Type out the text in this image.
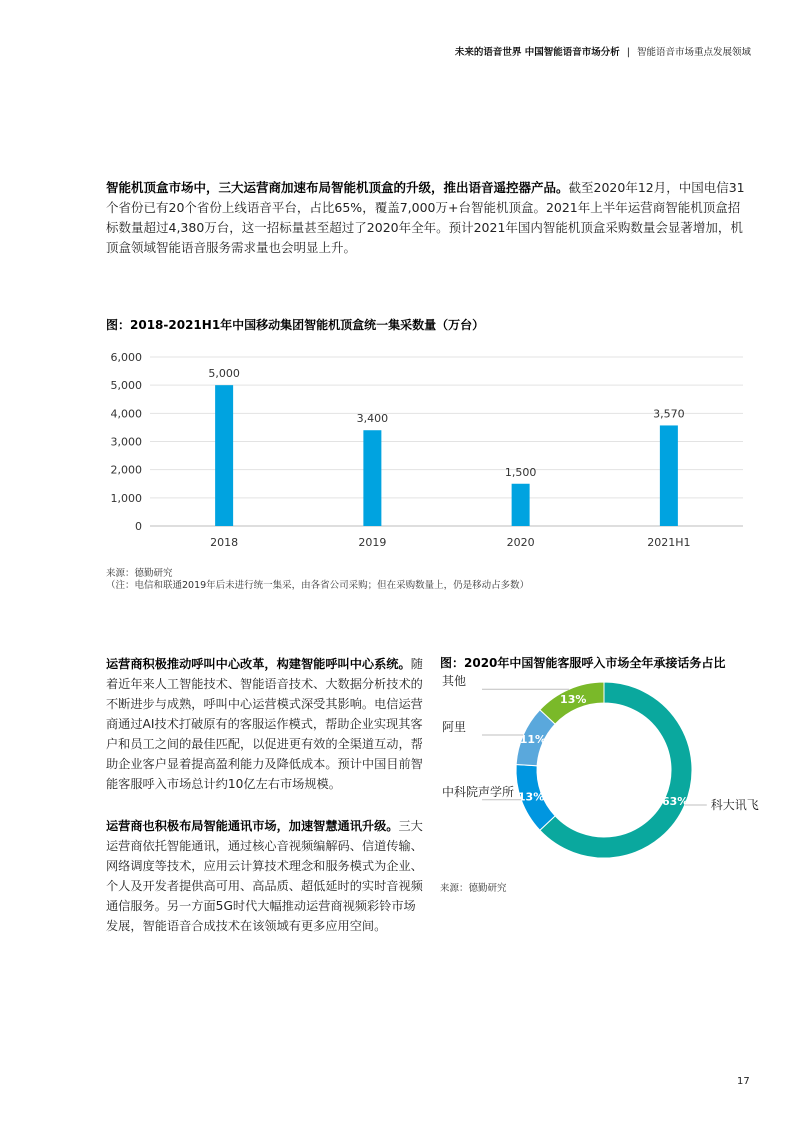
未来的语音世界 中国智能语音市场分析 | 智能语音市场重点发展领域
智能机顶盒市场中，三大运营商加速布局智能机顶盒的升级，推出语音遥控器产品。截至2020年12月，中国电信31个省份已有20个省份上线语音平台，占比65%，覆盖7,000万+台智能机顶盒。2021年上半年运营商智能机顶盒招标数量超过4,380万台，这一招标量甚至超过了2020年全年。预计2021年国内智能机顶盒采购数量会显著增加，机顶盒领域智能语音服务需求量也会明显上升。
图：2018-2021H1年中国移动集团智能机顶盒统一集采数量（万台）
0
1,000
2,000
3,000
4,000
5,000
6,000
5,000
2018
3,400
2019
1,500
2020
3,570
2021H1
来源：德勤研究
（注：电信和联通2019年后未进行统一集采，由各省公司采购；但在采购数量上，仍是移动占多数）

运营商积极推动呼叫中心改革，构建智能呼叫中心系统。随着近年来人工智能技术、智能语音技术、大数据分析技术的不断进步与成熟，呼叫中心运营模式深受其影响。电信运营商通过AI技术打破原有的客服运作模式，帮助企业实现其客户和员工之间的最佳匹配，以促进更有效的全渠道互动，帮助企业客户显着提高盈利能力及降低成本。预计中国目前智能客服呼入市场总计约10亿左右市场规模。

运营商也积极布局智能通讯市场，加速智慧通讯升级。三大运营商依托智能通讯，通过核心音视频编解码、信道传输、网络调度等技术，应用云计算技术理念和服务模式为企业、个人及开发者提供高可用、高品质、超低延时的实时音视频通信服务。另一方面5G时代大幅推动运营商视频彩铃市场发展，智能语音合成技术在该领域有更多应用空间。

图：2020年中国智能客服呼入市场全年承接话务占比
63%
13%
11%
13%
科大讯飞
中科院声学所
阿里
其他
来源：德勤研究
17
